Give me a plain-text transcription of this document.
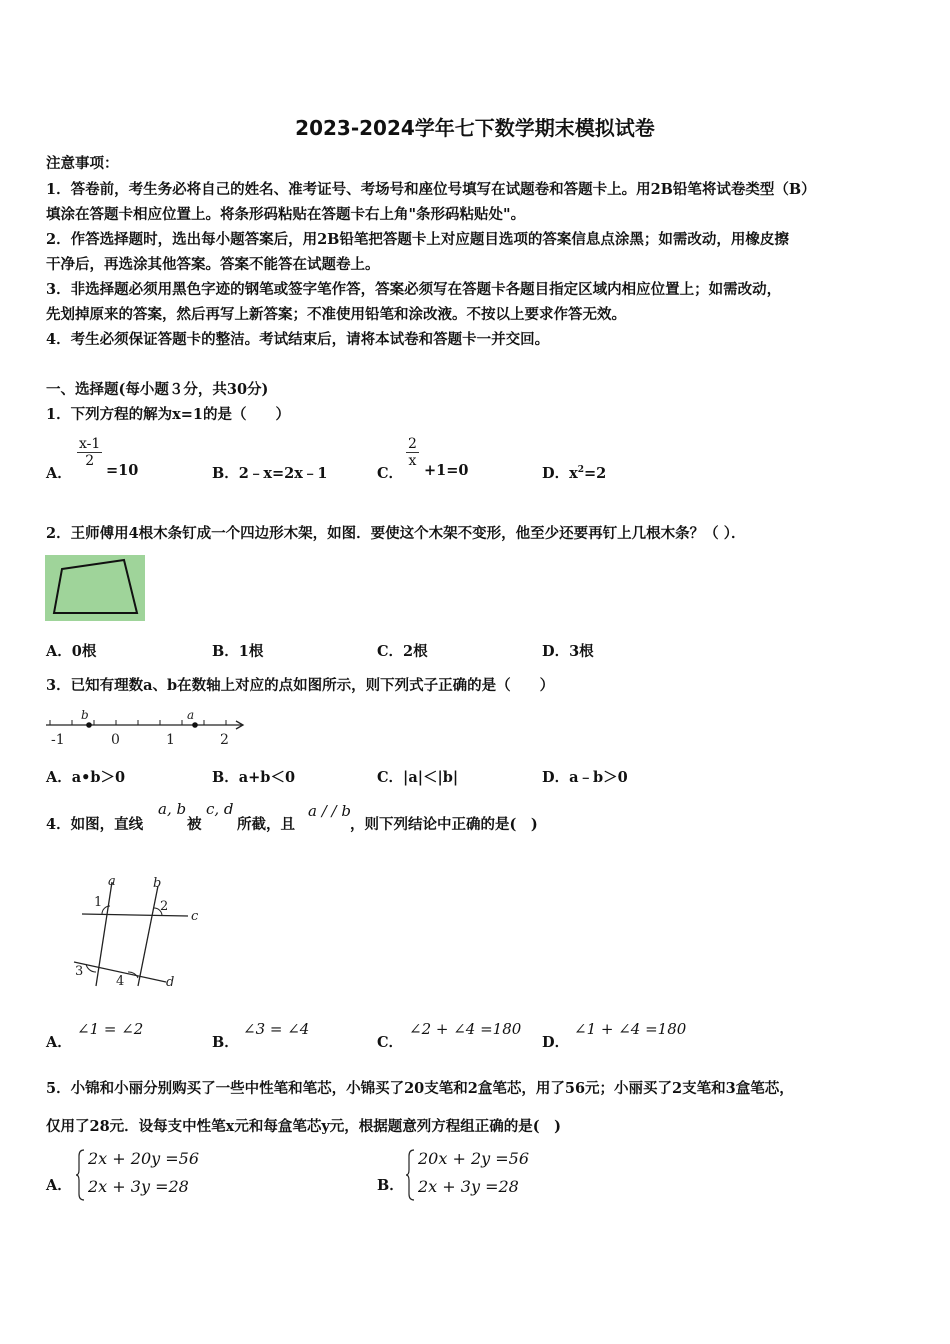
2023-2024学年七下数学期末模拟试卷
注意事项：
1．答卷前，考生务必将自己的姓名、准考证号、考场号和座位号填写在试题卷和答题卡上。用2B铅笔将试卷类型（B）
填涂在答题卡相应位置上。将条形码粘贴在答题卡右上角"条形码粘贴处"。
2．作答选择题时，选出每小题答案后，用2B铅笔把答题卡上对应题目选项的答案信息点涂黑；如需改动，用橡皮擦
干净后，再选涂其他答案。答案不能答在试题卷上。
3．非选择题必须用黑色字迹的钢笔或签字笔作答，答案必须写在答题卡各题目指定区域内相应位置上；如需改动，
先划掉原来的答案，然后再写上新答案；不准使用铅笔和涂改液。不按以上要求作答无效。
4．考生必须保证答题卡的整洁。考试结束后，请将本试卷和答题卡一并交回。
一、选择题(每小题３分，共30分)
1．下列方程的解为x=1的是（　　）
A．
$\frac{x-1}{2}$
=10	B．2﹣x=2x﹣1	C．
$\frac{2}{x}$
+1=0	D．$x^2=2$
2．王师傅用4根木条钉成一个四边形木架，如图．要使这个木架不变形，他至少还要再钉上几根木条？（ ）．
A．0根	B．1根	C．2根	D．3根
3．已知有理数a、b在数轴上对应的点如图所示，则下列式子正确的是（　　）
b	a
-1	0	1	2
A．a•b＞0	B．a+b＜0	C．|a|＜|b|	D．a﹣b＞0
4．如图，直线
a, b
被
c, d
所截，且
a / / b
，则下列结论中正确的是(　)
a	b
c
d
1	2
3
4
A．
∠1 = ∠2
B．
∠3 = ∠4
C．
∠2 + ∠4 =180
D．
∠1 + ∠4 =180
5．小锦和小丽分别购买了一些中性笔和笔芯，小锦买了20支笔和2盒笔芯，用了56元；小丽买了2支笔和3盒笔芯，
仅用了28元．设每支中性笔x元和每盒笔芯y元，根据题意列方程组正确的是(　)
A．
2x + 20y =56
2x + 3y =28	B．
20x + 2y =56
2x + 3y =28
